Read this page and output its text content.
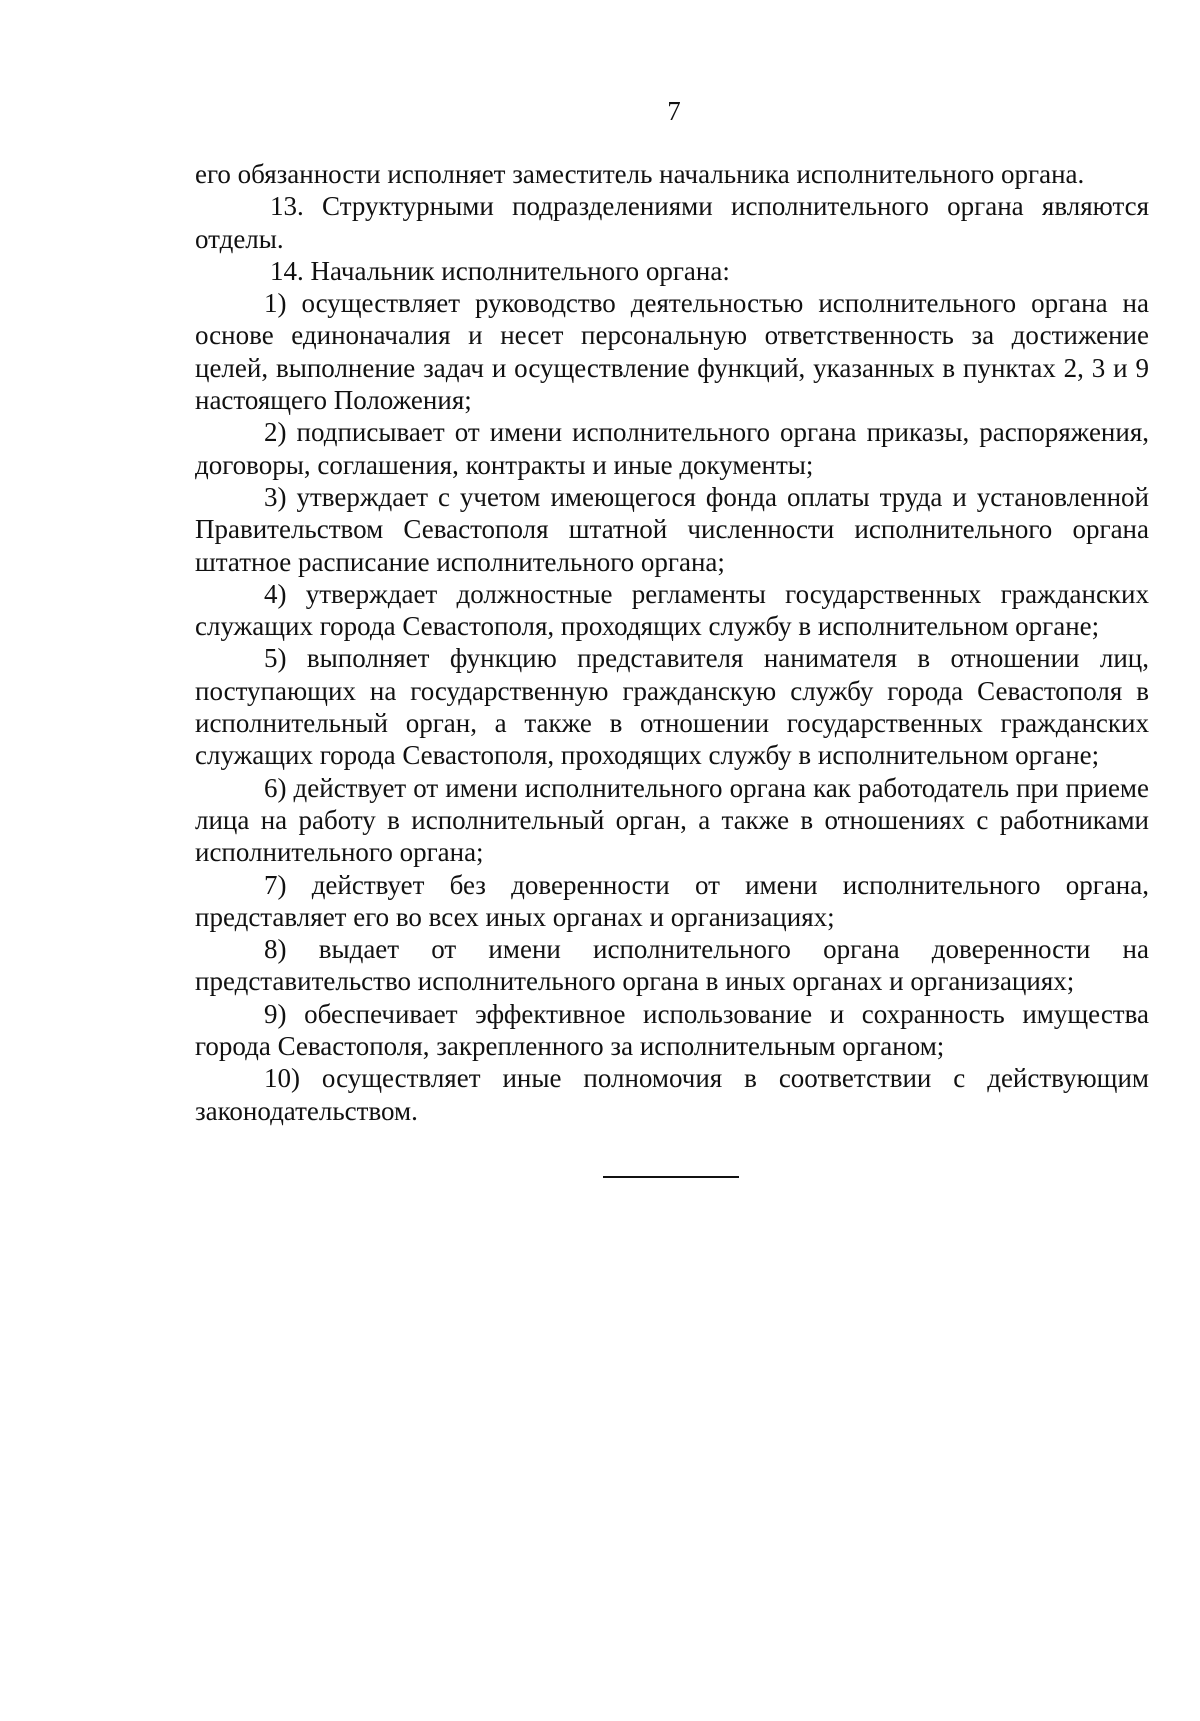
7

его обязанности исполняет заместитель начальника исполнительного органа.

13. Структурными подразделениями исполнительного органа являются отделы.

14. Начальник исполнительного органа:

1) осуществляет руководство деятельностью исполнительного органа на основе единоначалия и несет персональную ответственность за достижение целей, выполнение задач и осуществление функций, указанных в пунктах 2, 3 и 9 настоящего Положения;

2) подписывает от имени исполнительного органа приказы, распоряжения, договоры, соглашения, контракты и иные документы;

3) утверждает с учетом имеющегося фонда оплаты труда и установленной Правительством Севастополя штатной численности исполнительного органа штатное расписание исполнительного органа;

4) утверждает должностные регламенты государственных гражданских служащих города Севастополя, проходящих службу в исполнительном органе;

5) выполняет функцию представителя нанимателя в отношении лиц, поступающих на государственную гражданскую службу города Севастополя в исполнительный орган, а также в отношении государственных гражданских служащих города Севастополя, проходящих службу в исполнительном органе;

6) действует от имени исполнительного органа как работодатель при приеме лица на работу в исполнительный орган, а также в отношениях с работниками исполнительного органа;

7) действует без доверенности от имени исполнительного органа, представляет его во всех иных органах и организациях;

8) выдает от имени исполнительного органа доверенности на представительство исполнительного органа в иных органах и организациях;

9) обеспечивает эффективное использование и сохранность имущества города Севастополя, закрепленного за исполнительным органом;

10) осуществляет иные полномочия в соответствии с действующим законодательством.
